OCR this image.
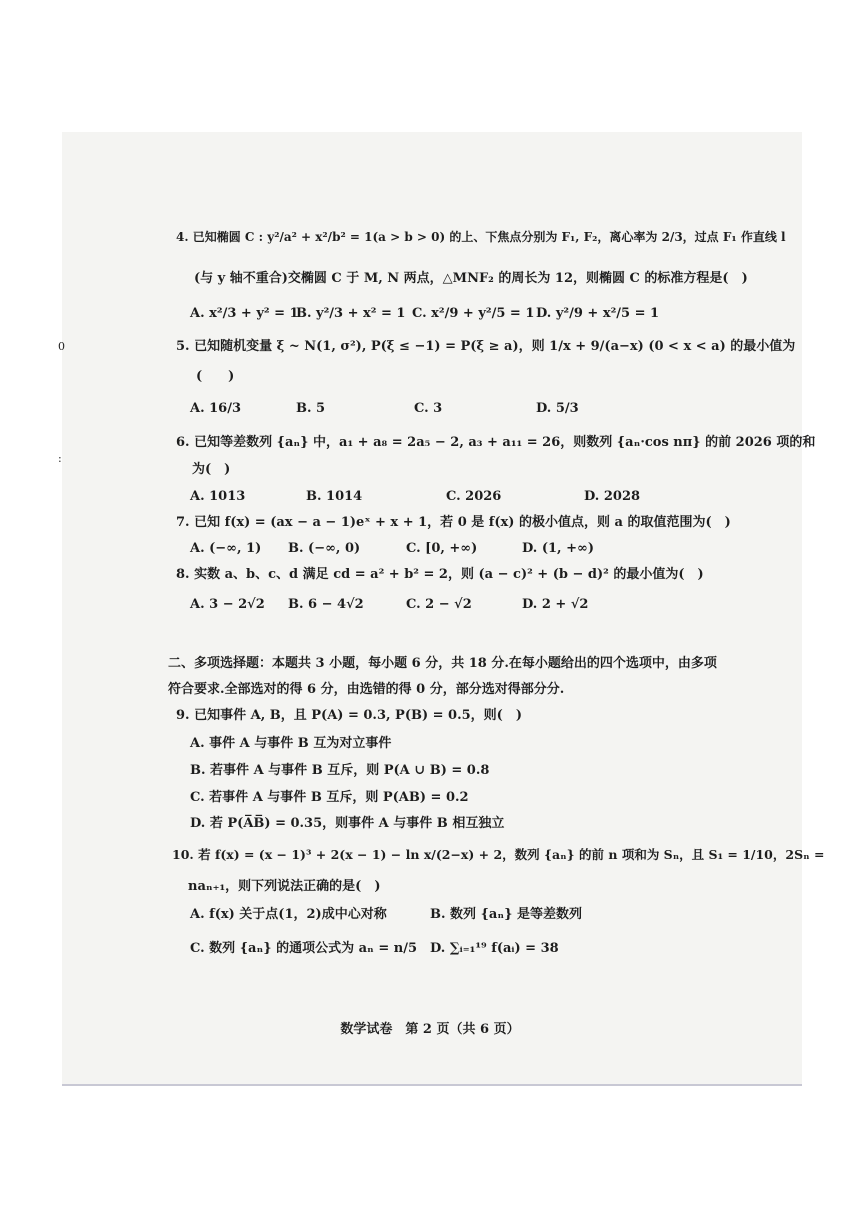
0
:
4. 已知椭圆 C : y²/a² + x²/b² = 1(a > b > 0) 的上、下焦点分别为 F₁, F₂，离心率为 2/3，过点 F₁ 作直线 l
(与 y 轴不重合)交椭圆 C 于 M, N 两点，△MNF₂ 的周长为 12，则椭圆 C 的标准方程是(　)
A. x²/3 + y² = 1
B. y²/3 + x² = 1 C. x²/9 + y²/5 = 1 D. y²/9 + x²/5 = 1
5. 已知随机变量 ξ ~ N(1, σ²), P(ξ ≤ −1) = P(ξ ≥ a)，则 1/x + 9/(a−x) (0 < x < a) 的最小值为
(　　)
A. 16/3	B. 5	C. 3	D. 5/3
6. 已知等差数列 {aₙ} 中，a₁ + a₈ = 2a₅ − 2, a₃ + a₁₁ = 26，则数列 {aₙ·cos nπ} 的前 2026 项的和
为(　)
A. 1013	B. 1014	C. 2026	D. 2028
7. 已知 f(x) = (ax − a − 1)eˣ + x + 1，若 0 是 f(x) 的极小值点，则 a 的取值范围为(　)
A. (−∞, 1) B. (−∞, 0)	C. [0, +∞)	D. (1, +∞)
8. 实数 a、b、c、d 满足 cd = a² + b² = 2，则 (a − c)² + (b − d)² 的最小值为(　)
A. 3 − 2√2 B. 6 − 4√2	C. 2 − √2	D. 2 + √2
二、多项选择题：本题共 3 小题，每小题 6 分，共 18 分.在每小题给出的四个选项中，由多项
符合要求.全部选对的得 6 分，由选错的得 0 分，部分选对得部分分.
9. 已知事件 A, B，且 P(A) = 0.3, P(B) = 0.5，则(　)
A. 事件 A 与事件 B 互为对立事件
B. 若事件 A 与事件 B 互斥，则 P(A ∪ B) = 0.8
C. 若事件 A 与事件 B 互斥，则 P(AB) = 0.2
D. 若 P(A̅B̅) = 0.35，则事件 A 与事件 B 相互独立
10. 若 f(x) = (x − 1)³ + 2(x − 1) − ln x/(2−x) + 2，数列 {aₙ} 的前 n 项和为 Sₙ，且 S₁ = 1/10，2Sₙ =
naₙ₊₁，则下列说法正确的是(　)
A. f(x) 关于点(1，2)成中心对称	B. 数列 {aₙ} 是等差数列
C. 数列 {aₙ} 的通项公式为 aₙ = n/5 D. ∑ᵢ₌₁¹⁹ f(aᵢ) = 38
数学试卷　第 2 页（共 6 页）
